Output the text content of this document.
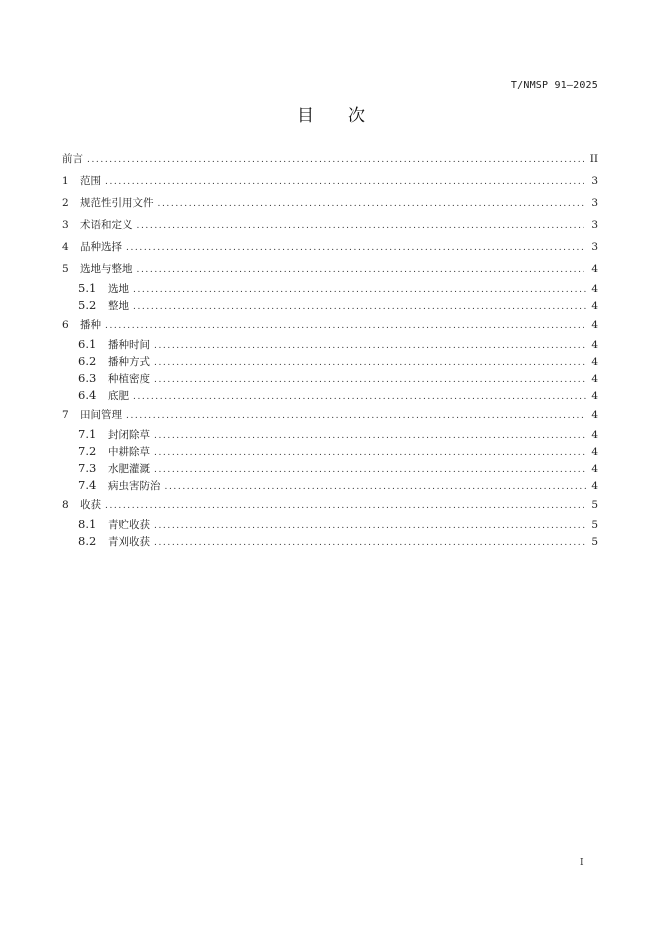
T/NMSP 91—2025
目次
前言 .....	II
1	范围 .....	3
2	规范性引用文件 .....	3
3	术语和定义 .....	3
4	品种选择 .....	3
5	选地与整地 .....	4
5.1	选地 .....	4
5.2	整地 .....	4
6	播种 .....	4
6.1	播种时间 .....	4
6.2	播种方式 .....	4
6.3	种植密度 .....	4
6.4	底肥 .....	4
7	田间管理 .....	4
7.1	封闭除草 .....	4
7.2	中耕除草 .....	4
7.3	水肥灌溉 .....	4
7.4	病虫害防治 .....	4
8	收获 .....	5
8.1	青贮收获 .....	5
8.2	青刈收获 .....	5
I
